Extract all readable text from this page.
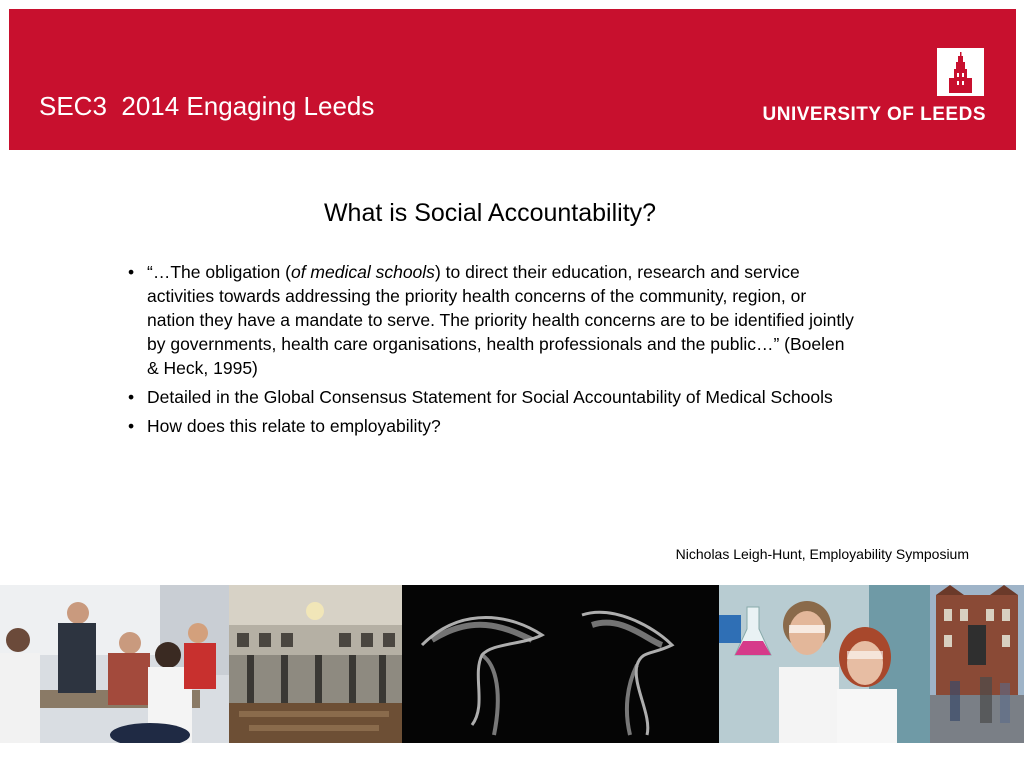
SEC3  2014 Engaging Leeds	UNIVERSITY OF LEEDS
What is Social Accountability?
• “…The obligation (of medical schools) to direct their education, research and service activities towards addressing the priority health concerns of the community, region, or nation they have a mandate to serve. The priority health concerns are to be identified jointly by governments, health care organisations, health professionals and the public…” (Boelen & Heck, 1995)
• Detailed in the Global Consensus Statement for Social Accountability of Medical Schools
• How does this relate to employability?
Nicholas Leigh-Hunt, Employability Symposium
